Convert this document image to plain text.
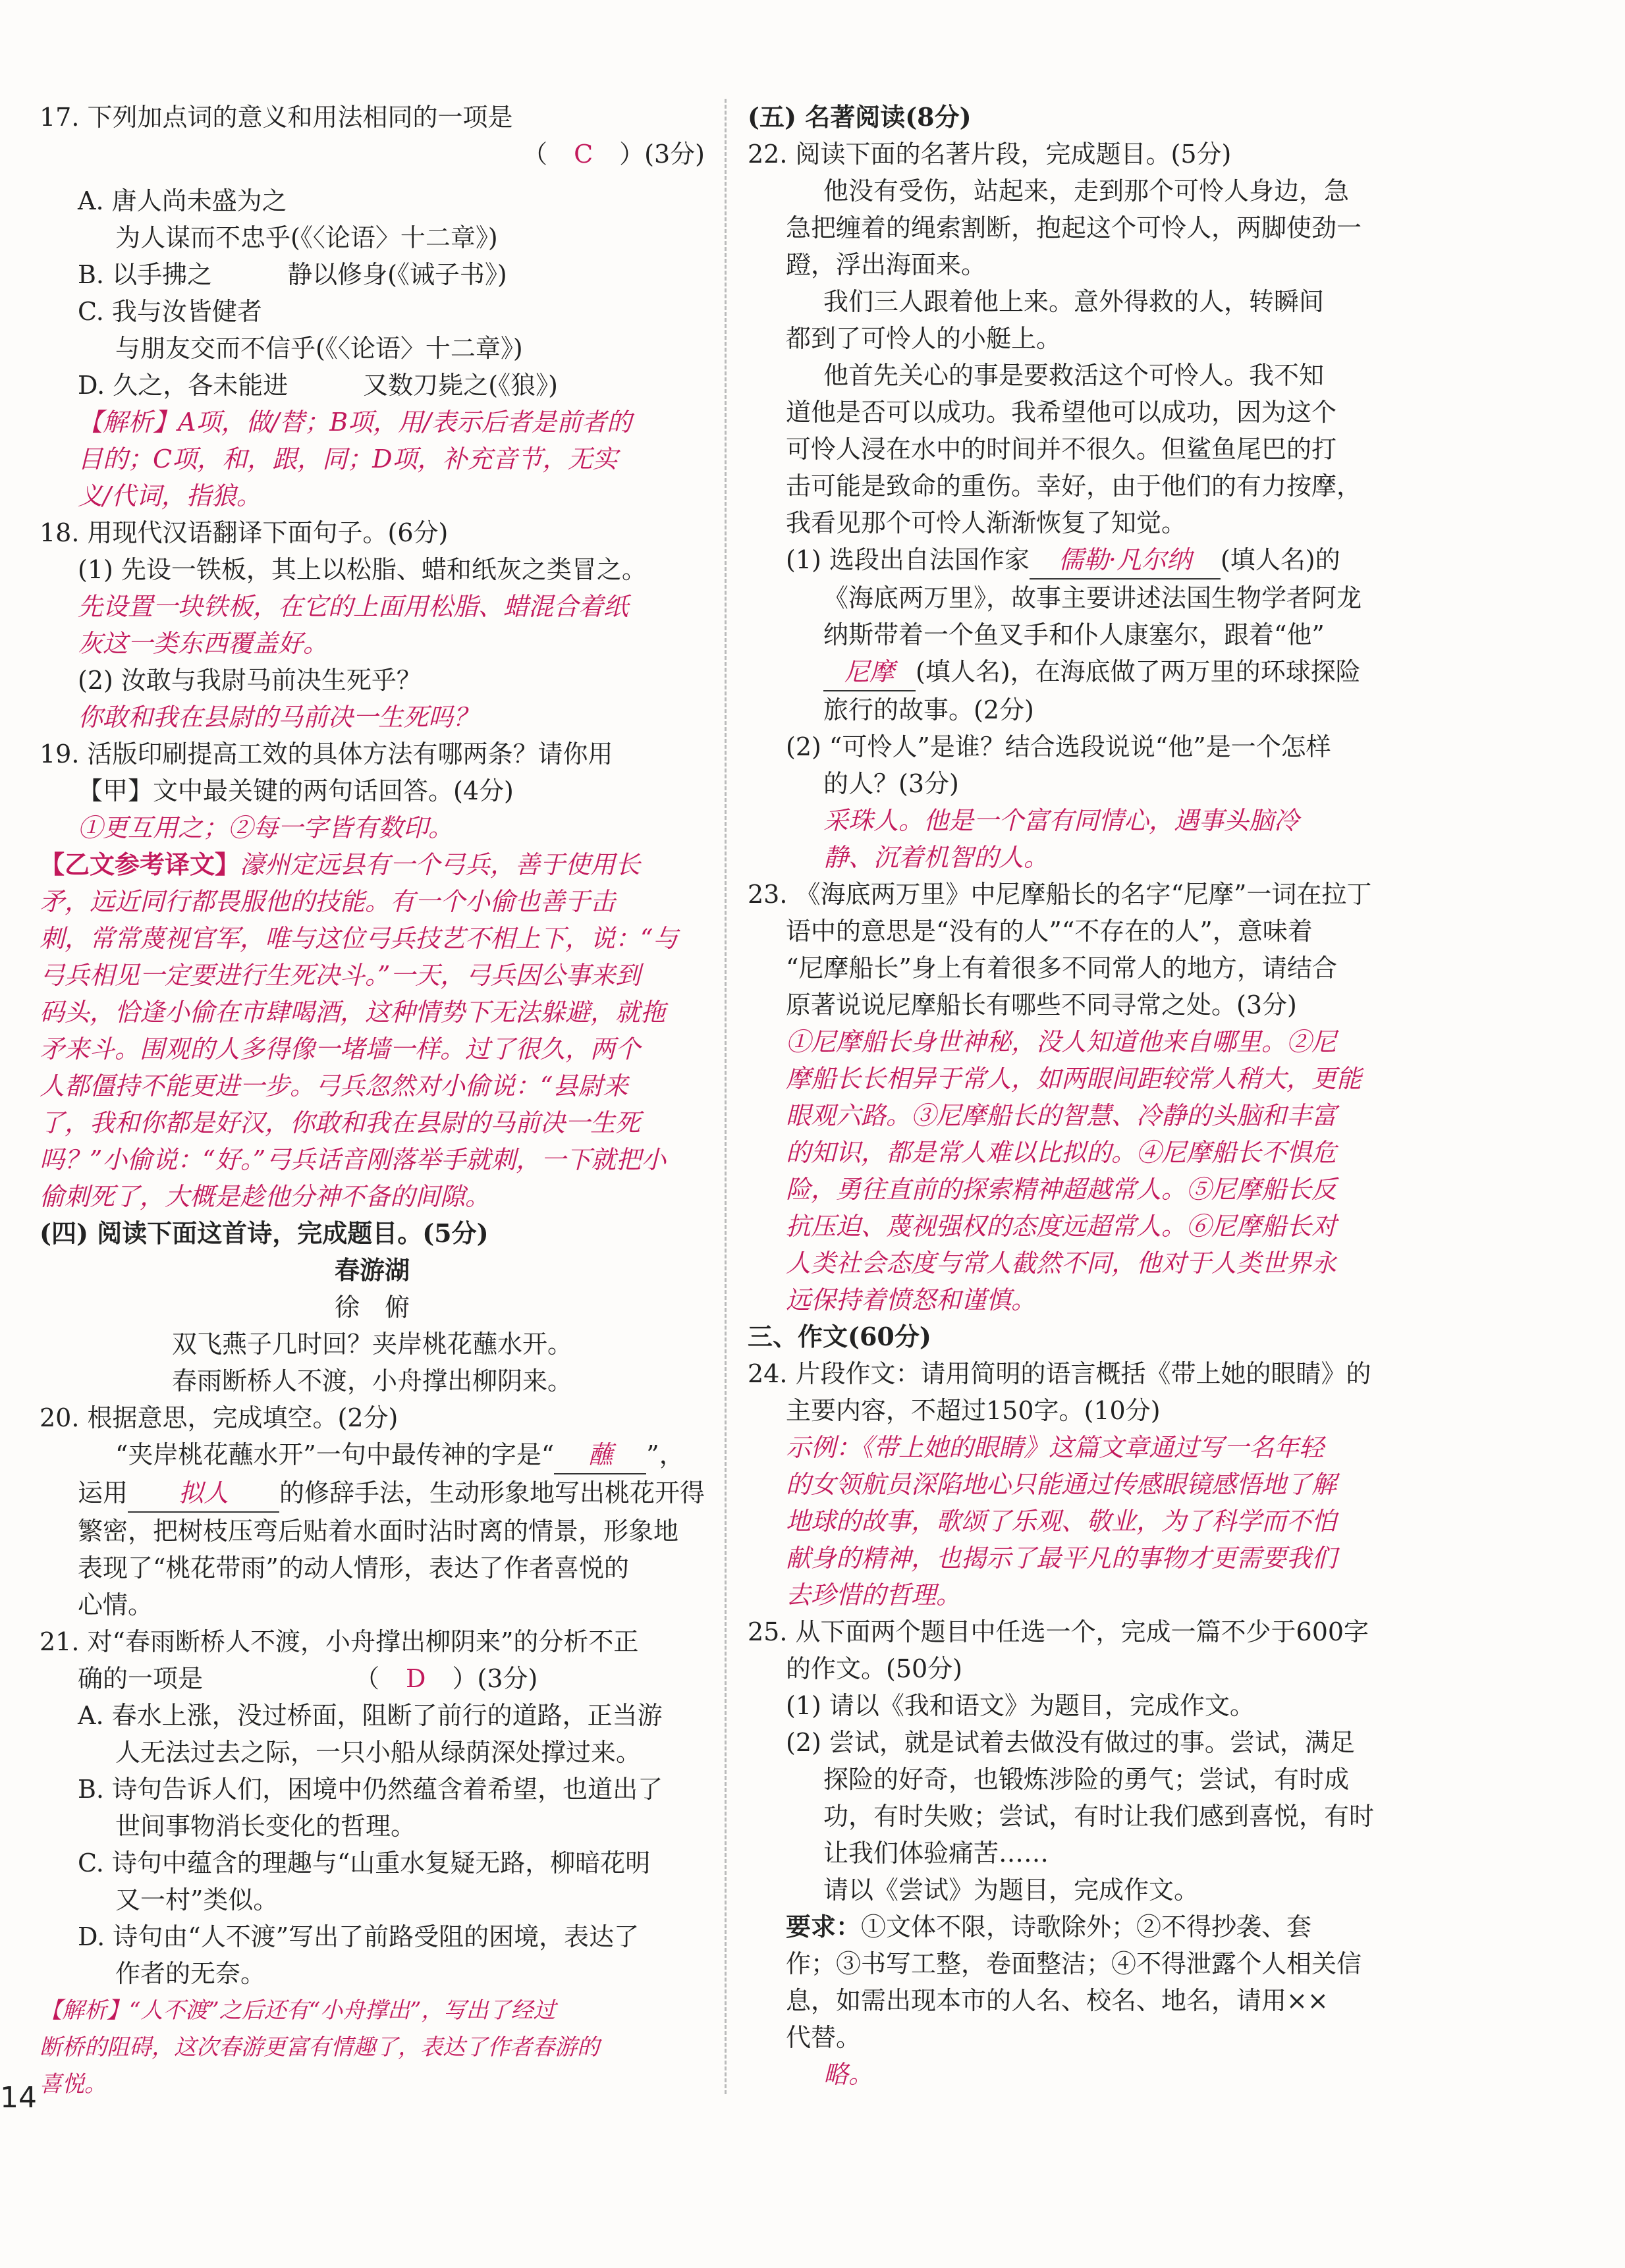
17. 下列加点词的意义和用法相同的一项是
（ C ）(3分)
A. 唐人尚未盛为之
为人谋而不忠乎(《〈论语〉十二章》)
B. 以手拂之　　　静以修身(《诫子书》)
C. 我与汝皆健者
与朋友交而不信乎(《〈论语〉十二章》)
D. 久之，各未能进　　　又数刀毙之(《狼》)
【解析】A项，做/替；B项，用/表示后者是前者的
目的；C项，和，跟，同；D项，补充音节，无实
义/代词，指狼。
18. 用现代汉语翻译下面句子。(6分)
(1) 先设一铁板，其上以松脂、蜡和纸灰之类冒之。
先设置一块铁板，在它的上面用松脂、蜡混合着纸
灰这一类东西覆盖好。
(2) 汝敢与我尉马前决生死乎？
你敢和我在县尉的马前决一生死吗？
19. 活版印刷提高工效的具体方法有哪两条？请你用
【甲】文中最关键的两句话回答。(4分)
①更互用之；②每一字皆有数印。
【乙文参考译文】濠州定远县有一个弓兵，善于使用长
矛，远近同行都畏服他的技能。有一个小偷也善于击
刺，常常蔑视官军，唯与这位弓兵技艺不相上下，说：“与
弓兵相见一定要进行生死决斗。”一天，弓兵因公事来到
码头，恰逢小偷在市肆喝酒，这种情势下无法躲避，就拖
矛来斗。围观的人多得像一堵墙一样。过了很久，两个
人都僵持不能更进一步。弓兵忽然对小偷说：“县尉来
了，我和你都是好汉，你敢和我在县尉的马前决一生死
吗？”小偷说：“好。”弓兵话音刚落举手就刺，一下就把小
偷刺死了，大概是趁他分神不备的间隙。
(四) 阅读下面这首诗，完成题目。(5分)
春游湖
徐　俯
双飞燕子几时回？夹岸桃花蘸水开。
春雨断桥人不渡，小舟撑出柳阴来。
20. 根据意思，完成填空。(2分)
“夹岸桃花蘸水开”一句中最传神的字是“ 蘸 ”，
运用 拟人 的修辞手法，生动形象地写出桃花开得
繁密，把树枝压弯后贴着水面时沾时离的情景，形象地
表现了“桃花带雨”的动人情形，表达了作者喜悦的
心情。
21. 对“春雨断桥人不渡，小舟撑出柳阴来”的分析不正
确的一项是	（ D ）(3分)
A. 春水上涨，没过桥面，阻断了前行的道路，正当游
人无法过去之际，一只小船从绿荫深处撑过来。
B. 诗句告诉人们，困境中仍然蕴含着希望，也道出了
世间事物消长变化的哲理。
C. 诗句中蕴含的理趣与“山重水复疑无路，柳暗花明
又一村”类似。
D. 诗句由“人不渡”写出了前路受阻的困境，表达了
作者的无奈。
【解析】“人不渡”之后还有“小舟撑出”，写出了经过
断桥的阻碍，这次春游更富有情趣了，表达了作者春游的
喜悦。
(五) 名著阅读(8分)
22. 阅读下面的名著片段，完成题目。(5分)
他没有受伤，站起来，走到那个可怜人身边，急
急把缠着的绳索割断，抱起这个可怜人，两脚使劲一
蹬，浮出海面来。
我们三人跟着他上来。意外得救的人，转瞬间
都到了可怜人的小艇上。
他首先关心的事是要救活这个可怜人。我不知
道他是否可以成功。我希望他可以成功，因为这个
可怜人浸在水中的时间并不很久。但鲨鱼尾巴的打
击可能是致命的重伤。幸好，由于他们的有力按摩，
我看见那个可怜人渐渐恢复了知觉。
(1) 选段出自法国作家 儒勒·凡尔纳 (填人名)的
《海底两万里》，故事主要讲述法国生物学者阿龙
纳斯带着一个鱼叉手和仆人康塞尔，跟着“他”
尼摩 (填人名)，在海底做了两万里的环球探险
旅行的故事。(2分)
(2) “可怜人”是谁？结合选段说说“他”是一个怎样
的人？(3分)
采珠人。他是一个富有同情心，遇事头脑冷
静、沉着机智的人。
23. 《海底两万里》中尼摩船长的名字“尼摩”一词在拉丁
语中的意思是“没有的人”“不存在的人”，意味着
“尼摩船长”身上有着很多不同常人的地方，请结合
原著说说尼摩船长有哪些不同寻常之处。(3分)
①尼摩船长身世神秘，没人知道他来自哪里。②尼
摩船长长相异于常人，如两眼间距较常人稍大，更能
眼观六路。③尼摩船长的智慧、冷静的头脑和丰富
的知识，都是常人难以比拟的。④尼摩船长不惧危
险，勇往直前的探索精神超越常人。⑤尼摩船长反
抗压迫、蔑视强权的态度远超常人。⑥尼摩船长对
人类社会态度与常人截然不同，他对于人类世界永
远保持着愤怒和谨慎。
三、作文(60分)
24. 片段作文：请用简明的语言概括《带上她的眼睛》的
主要内容，不超过150字。(10分)
示例：《带上她的眼睛》这篇文章通过写一名年轻
的女领航员深陷地心只能通过传感眼镜感悟地了解
地球的故事，歌颂了乐观、敬业，为了科学而不怕
献身的精神，也揭示了最平凡的事物才更需要我们
去珍惜的哲理。
25. 从下面两个题目中任选一个，完成一篇不少于600字
的作文。(50分)
(1) 请以《我和语文》为题目，完成作文。
(2) 尝试，就是试着去做没有做过的事。尝试，满足
探险的好奇，也锻炼涉险的勇气；尝试，有时成
功，有时失败；尝试，有时让我们感到喜悦，有时
让我们体验痛苦……
请以《尝试》为题目，完成作文。
要求：①文体不限，诗歌除外；②不得抄袭、套
作；③书写工整，卷面整洁；④不得泄露个人相关信
息，如需出现本市的人名、校名、地名，请用××
代替。
略。
14
